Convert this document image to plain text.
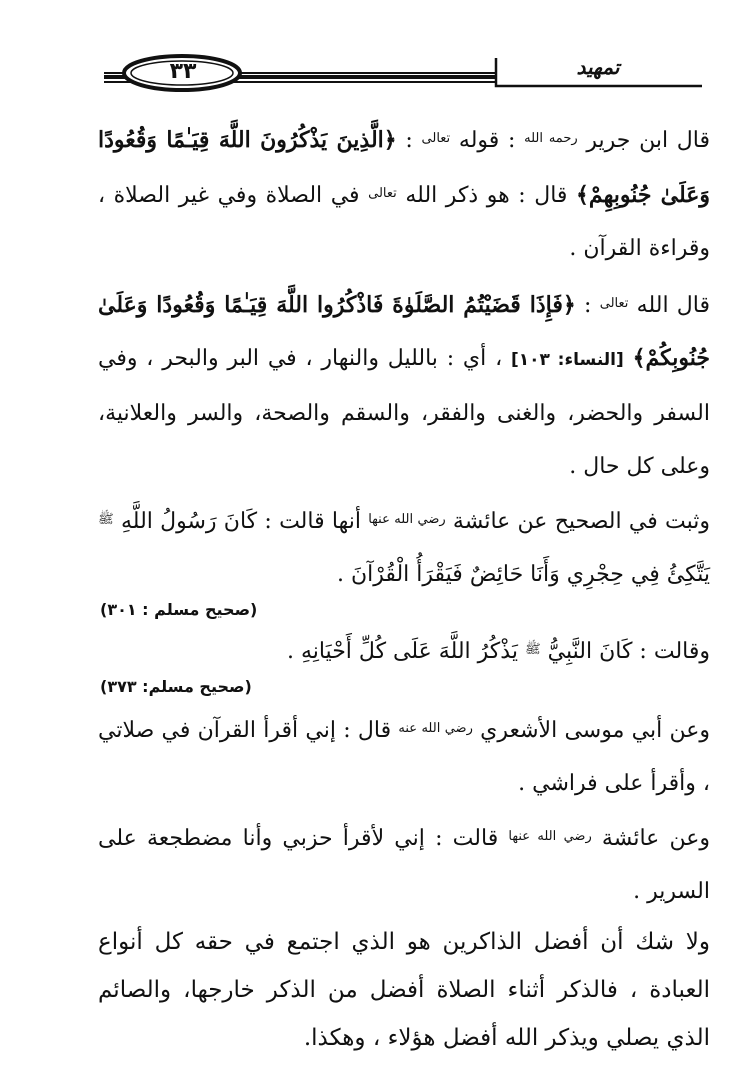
٣٣	تمهيد

قال ابن جرير $^{رحمه الله}$ : قوله $^{تعالى}$ : ﴿الَّذِينَ يَذْكُرُونَ اللَّهَ قِيَـٰمًا وَقُعُودًا وَعَلَىٰ جُنُوبِهِمْ﴾ قال : هو ذكر الله $^{تعالى}$ في الصلاة وفي غير الصلاة ، وقراءة القرآن .

قال الله $^{تعالى}$ : ﴿فَإِذَا قَضَيْتُمُ الصَّلَوٰةَ فَاذْكُرُوا اللَّهَ قِيَـٰمًا وَقُعُودًا وَعَلَىٰ جُنُوبِكُمْ﴾ [النساء: ١٠٣] ، أي : بالليل والنهار ، في البر والبحر ، وفي السفر والحضر، والغنى والفقر، والسقم والصحة، والسر والعلانية، وعلى كل حال .

وثبت في الصحيح عن عائشة $^{رضي الله عنها}$ أنها قالت : كَانَ رَسُولُ اللَّهِ $^ﷺ$ يَتَّكِئُ فِي حِجْرِي وَأَنَا حَائِضٌ فَيَقْرَأُ الْقُرْآنَ .

(صحيح مسلم : ٣٠١)

وقالت : كَانَ النَّبِيُّ $^ﷺ$ يَذْكُرُ اللَّهَ عَلَى كُلِّ أَحْيَانِهِ .

(صحيح مسلم: ٣٧٣)

وعن أبي موسى الأشعري $^{رضي الله عنه}$ قال : إني أقرأ القرآن في صلاتي ، وأقرأ على فراشي .

وعن عائشة $^{رضي الله عنها}$ قالت : إني لأقرأ حزبي وأنا مضطجعة على السرير .

ولا شك أن أفضل الذاكرين هو الذي اجتمع في حقه كل أنواع العبادة ، فالذكر أثناء الصلاة أفضل من الذكر خارجها، والصائم الذي يصلي ويذكر الله أفضل هؤلاء ، وهكذا.
